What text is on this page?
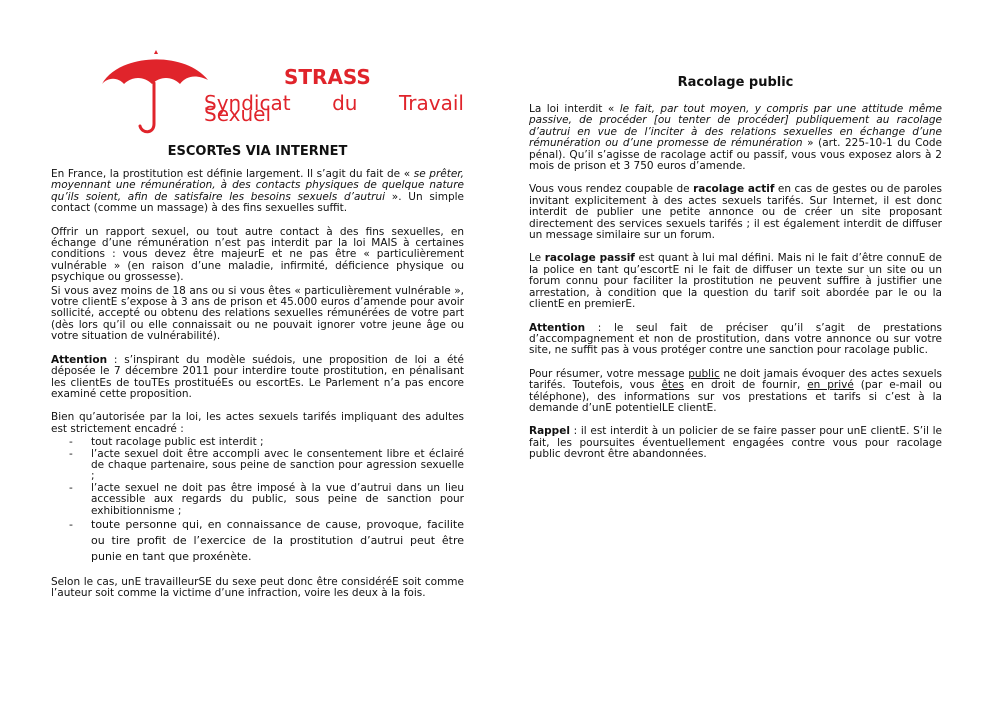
STRASS
Syndicat du Travail Sexuel
ESCORTeS VIA INTERNET

En France, la prostitution est définie largement. Il s’agit du fait de « se prêter, moyennant une rémunération, à des contacts physiques de quelque nature qu’ils soient, afin de satisfaire les besoins sexuels d’autrui ». Un simple contact (comme un massage) à des fins sexuelles suffit.

Offrir un rapport sexuel, ou tout autre contact à des fins sexuelles, en échange d’une rémunération n’est pas interdit par la loi MAIS à certaines conditions : vous devez être majeurE et ne pas être « particulièrement vulnérable » (en raison d’une maladie, infirmité, déficience physique ou psychique ou grossesse).

Si vous avez moins de 18 ans ou si vous êtes « particulièrement vulnérable », votre clientE s’expose à 3 ans de prison et 45.000 euros d’amende pour avoir sollicité, accepté ou obtenu des relations sexuelles rémunérées de votre part (dès lors qu’il ou elle connaissait ou ne pouvait ignorer votre jeune âge ou votre situation de vulnérabilité).

Attention : s’inspirant du modèle suédois, une proposition de loi a été déposée le 7 décembre 2011 pour interdire toute prostitution, en pénalisant les clientEs de touTEs prostituéEs ou escortEs. Le Parlement n’a pas encore examiné cette proposition.

Bien qu’autorisée par la loi, les actes sexuels tarifés impliquant des adultes est strictement encadré :

- tout racolage public est interdit ;
- l’acte sexuel doit être accompli avec le consentement libre et éclairé de chaque partenaire, sous peine de sanction pour agression sexuelle ;
- l’acte sexuel ne doit pas être imposé à la vue d’autrui dans un lieu accessible aux regards du public, sous peine de sanction pour exhibitionnisme ;
- toute personne qui, en connaissance de cause, provoque, facilite ou tire profit de l’exercice de la prostitution d’autrui peut être punie en tant que proxénète.

Selon le cas, unE travailleurSE du sexe peut donc être considéréE soit comme l’auteur soit comme la victime d’une infraction, voire les deux à la fois.

Racolage public

La loi interdit « le fait, par tout moyen, y compris par une attitude même passive, de procéder [ou tenter de procéder] publiquement au racolage d’autrui en vue de l’inciter à des relations sexuelles en échange d’une rémunération ou d’une promesse de rémunération » (art. 225-10-1 du Code pénal). Qu’il s’agisse de racolage actif ou passif, vous vous exposez alors à 2 mois de prison et 3 750 euros d’amende.

Vous vous rendez coupable de racolage actif en cas de gestes ou de paroles invitant explicitement à des actes sexuels tarifés. Sur Internet, il est donc interdit de publier une petite annonce ou de créer un site proposant directement des services sexuels tarifés ; il est également interdit de diffuser un message similaire sur un forum.

Le racolage passif est quant à lui mal défini. Mais ni le fait d’être connuE de la police en tant qu’escortE ni le fait de diffuser un texte sur un site ou un forum connu pour faciliter la prostitution ne peuvent suffire à justifier une arrestation, à condition que la question du tarif soit abordée par le ou la clientE en premierE.

Attention : le seul fait de préciser qu’il s’agit de prestations d’accompagnement et non de prostitution, dans votre annonce ou sur votre site, ne suffit pas à vous protéger contre une sanction pour racolage public.

Pour résumer, votre message public ne doit jamais évoquer des actes sexuels tarifés. Toutefois, vous êtes en droit de fournir, en privé (par e-mail ou téléphone), des informations sur vos prestations et tarifs si c’est à la demande d’unE potentielLE clientE.

Rappel : il est interdit à un policier de se faire passer pour unE clientE. S’il le fait, les poursuites éventuellement engagées contre vous pour racolage public devront être abandonnées.
